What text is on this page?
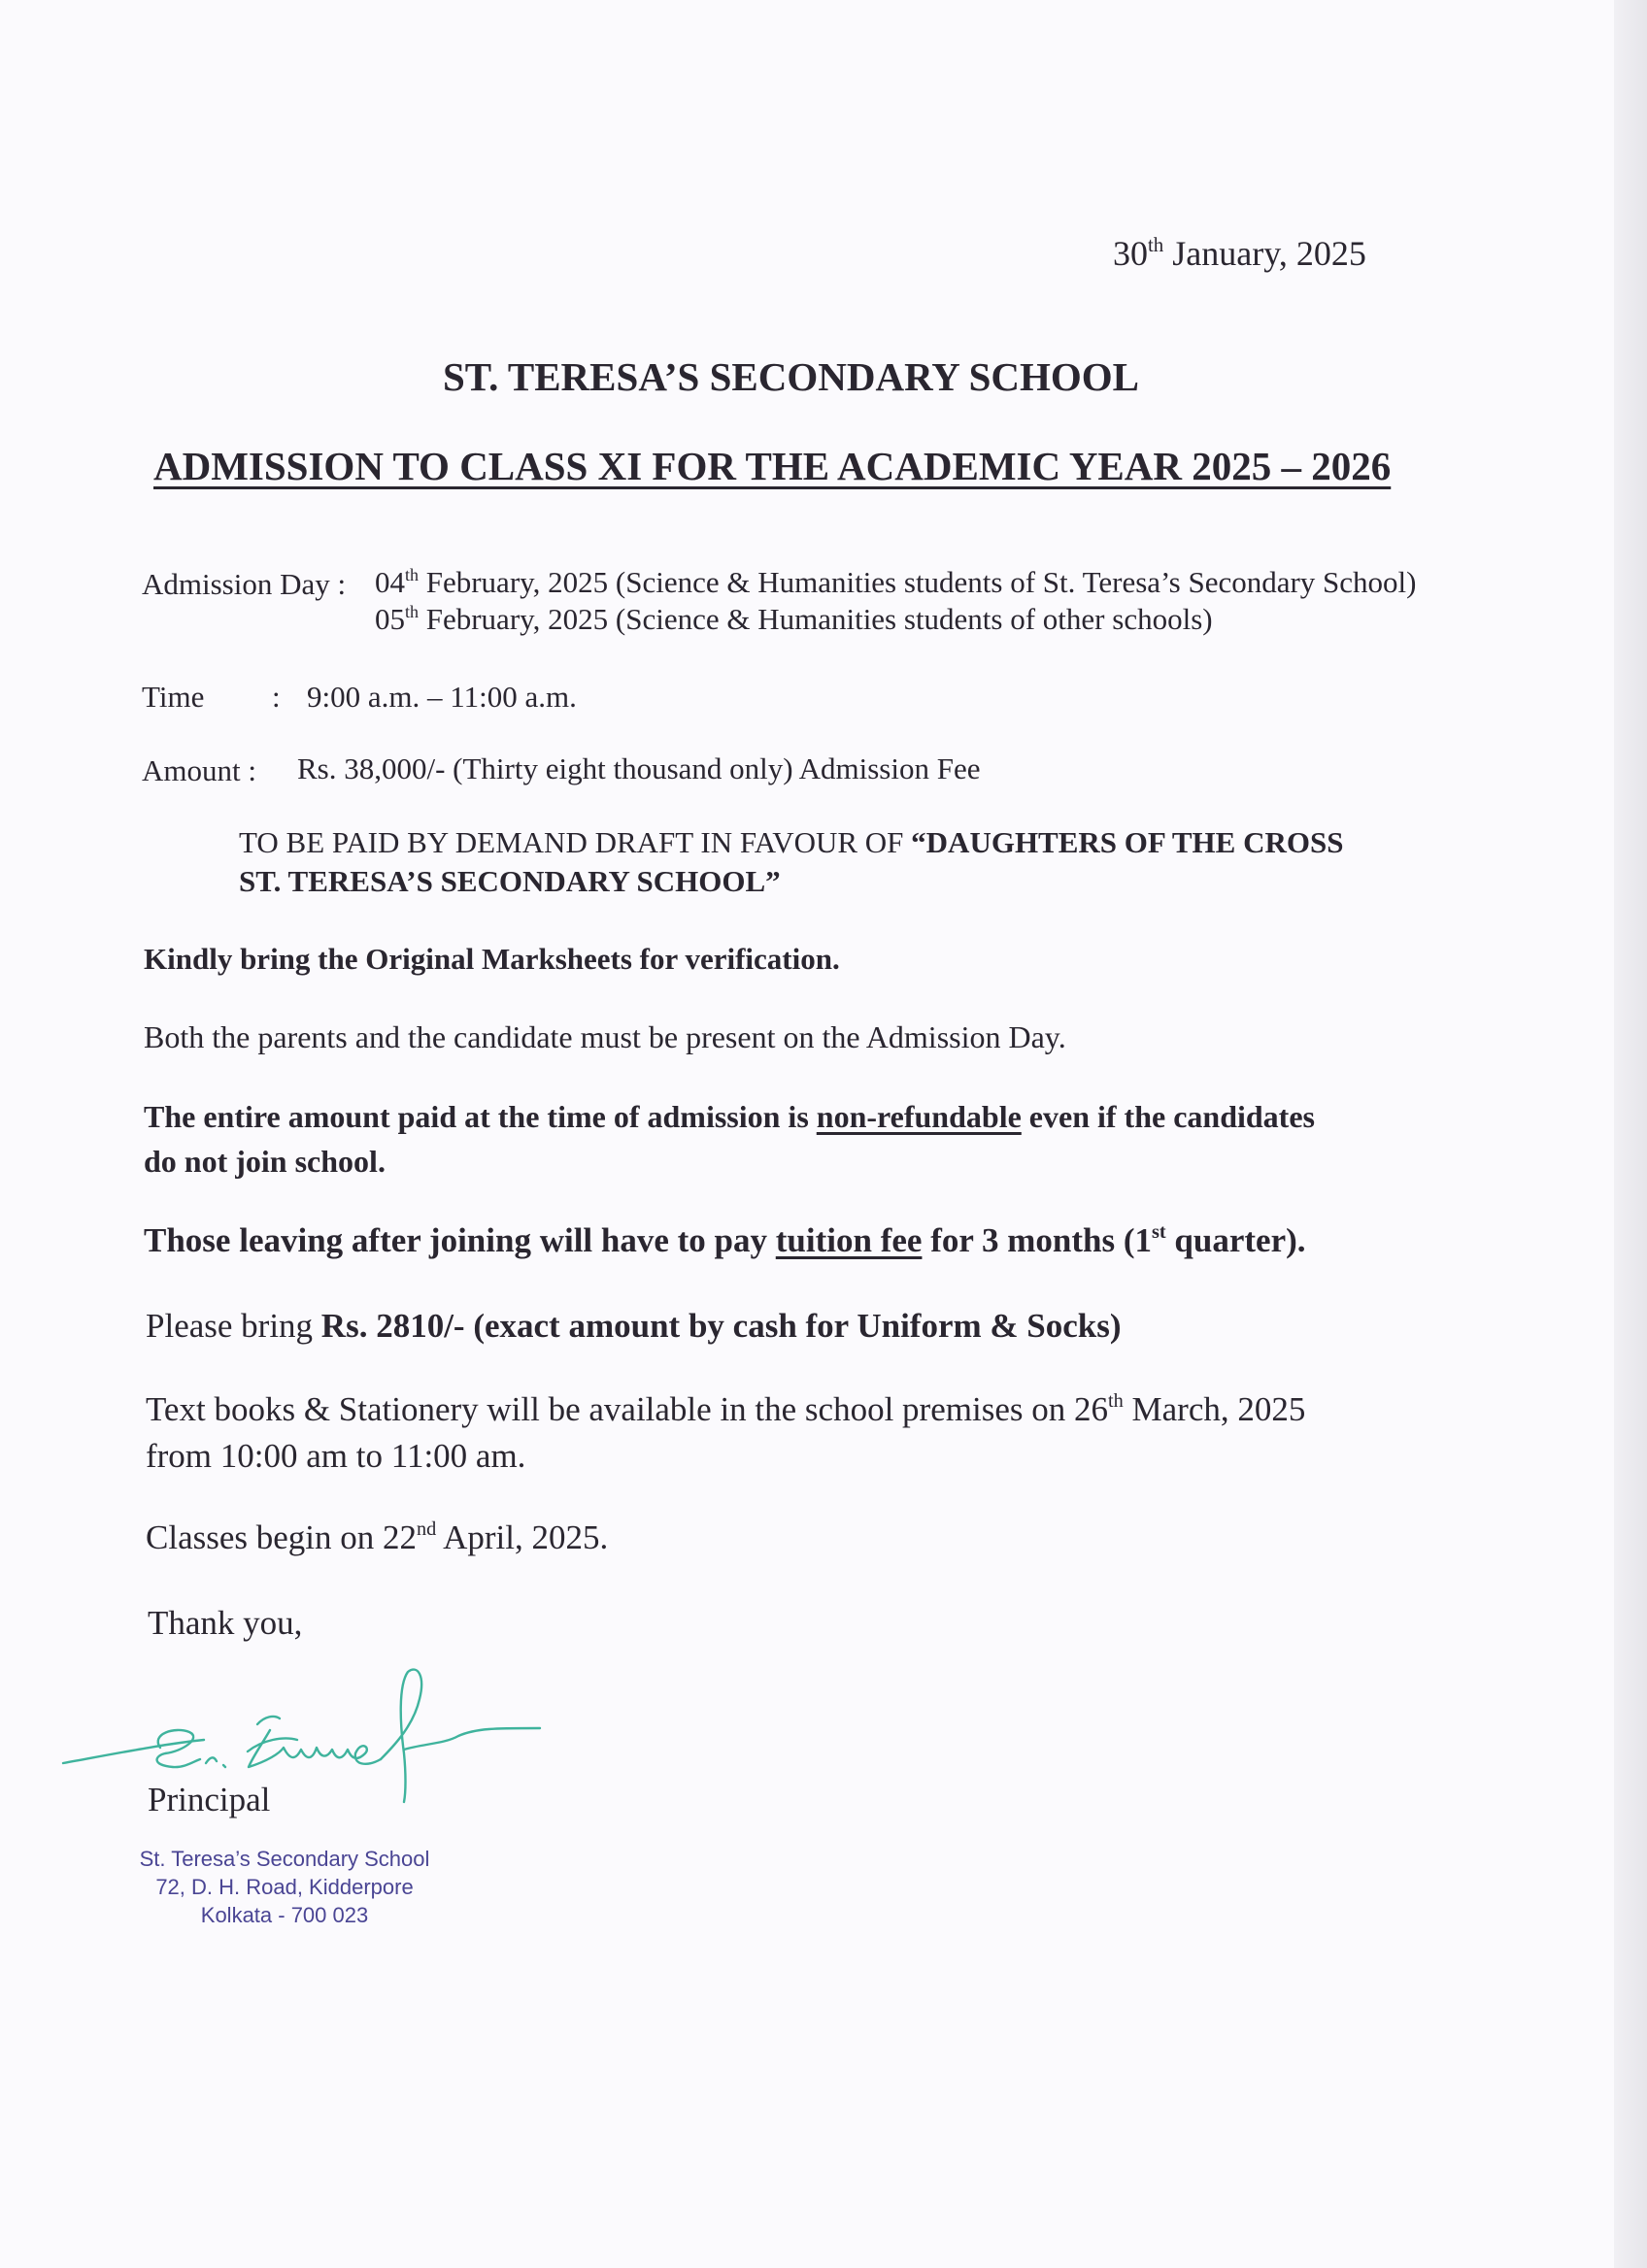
30th January, 2025
ST. TERESA’S SECONDARY SCHOOL
ADMISSION TO CLASS XI FOR THE ACADEMIC YEAR 2025 – 2026
Admission Day : 04th February, 2025 (Science & Humanities students of St. Teresa’s Secondary School)
05th February, 2025 (Science & Humanities students of other schools)
Time : 9:00 a.m. – 11:00 a.m.
Amount : Rs. 38,000/- (Thirty eight thousand only) Admission Fee
TO BE PAID BY DEMAND DRAFT IN FAVOUR OF “DAUGHTERS OF THE CROSS
ST. TERESA’S SECONDARY SCHOOL”
Kindly bring the Original Marksheets for verification.
Both the parents and the candidate must be present on the Admission Day.
The entire amount paid at the time of admission is non-refundable even if the candidates
do not join school.
Those leaving after joining will have to pay tuition fee for 3 months (1st quarter).
Please bring Rs. 2810/- (exact amount by cash for Uniform & Socks)
Text books & Stationery will be available in the school premises on 26th March, 2025
from 10:00 am to 11:00 am.
Classes begin on 22nd April, 2025.
Thank you,
Principal
St. Teresa’s Secondary School
72, D. H. Road, Kidderpore
Kolkata - 700 023
